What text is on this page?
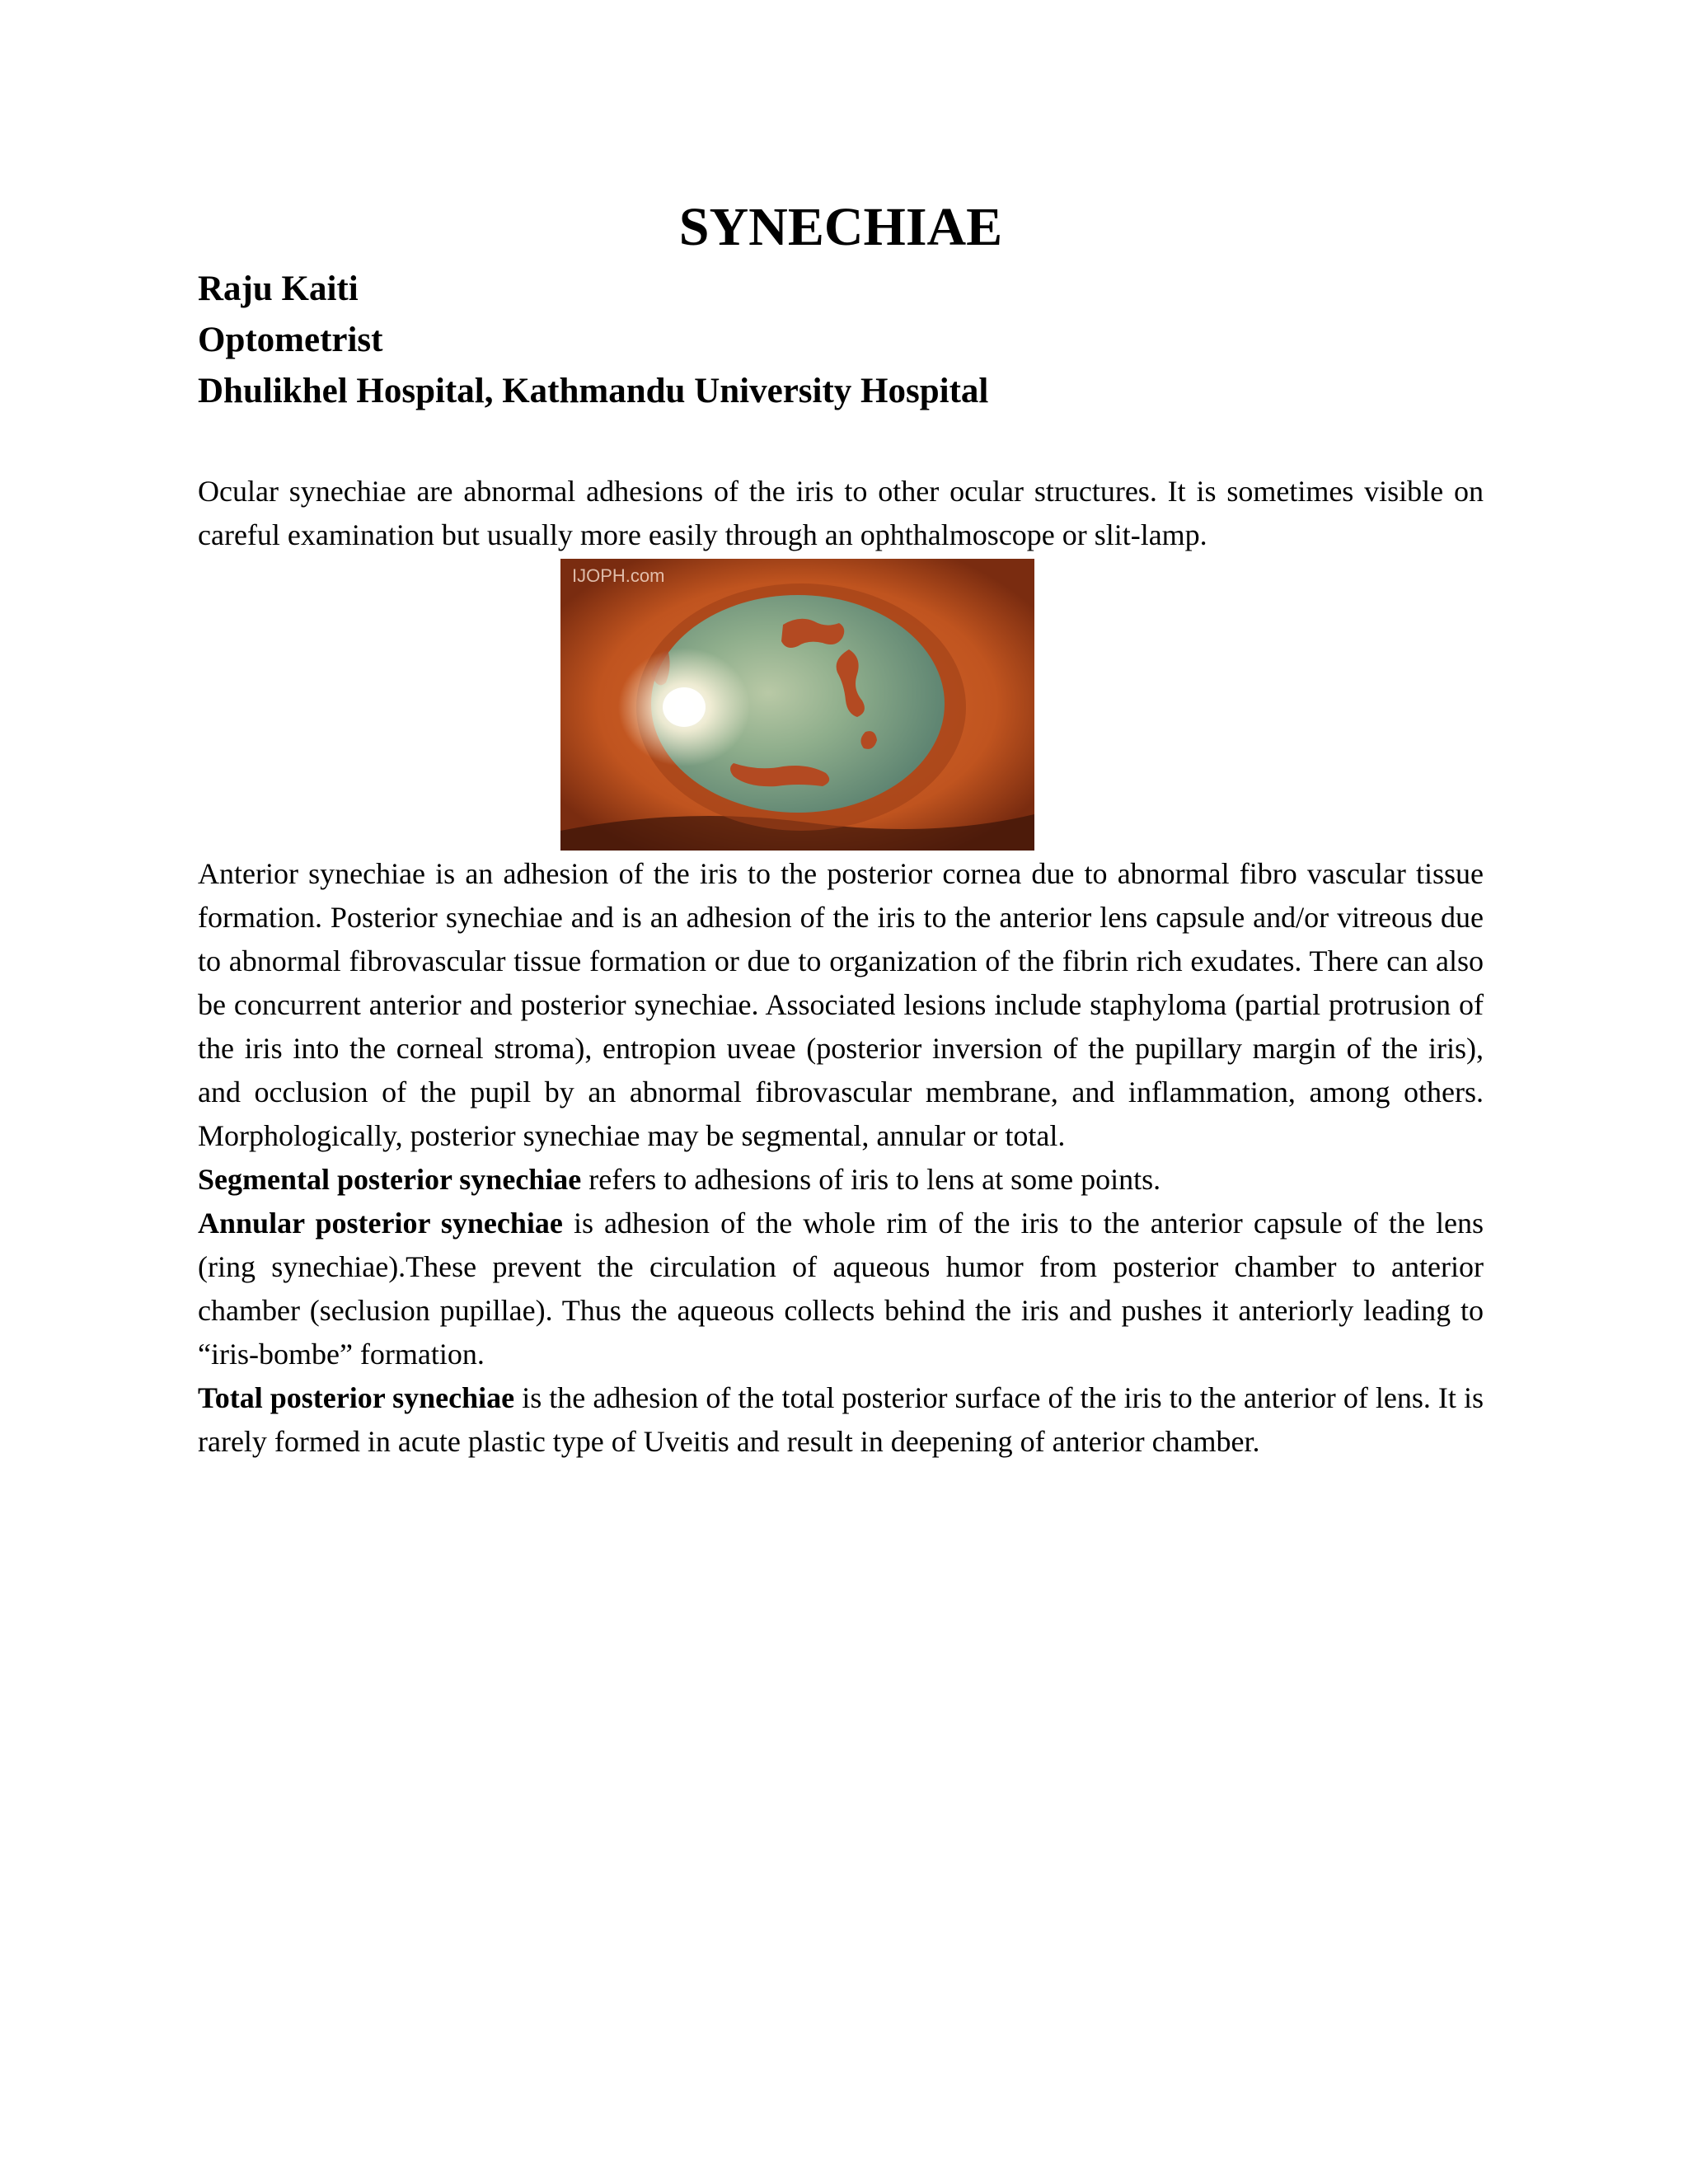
SYNECHIAE
Raju Kaiti
Optometrist
Dhulikhel Hospital, Kathmandu University Hospital

Ocular synechiae are abnormal adhesions of the iris to other ocular structures. It is sometimes visible on careful examination but usually more easily through an ophthalmoscope or slit-lamp.

IJOPH.com

Anterior synechiae is an adhesion of the iris to the posterior cornea due to abnormal fibro vascular tissue formation. Posterior synechiae and is an adhesion of the iris to the anterior lens capsule and/or vitreous due to abnormal fibrovascular tissue formation or due to organization of the fibrin rich exudates. There can also be concurrent anterior and posterior synechiae. Associated lesions include staphyloma (partial protrusion of the iris into the corneal stroma), entropion uveae (posterior inversion of the pupillary margin of the iris), and occlusion of the pupil by an abnormal fibrovascular membrane, and inflammation, among others. Morphologically, posterior synechiae may be segmental, annular or total.

Segmental posterior synechiae refers to adhesions of iris to lens at some points.

Annular posterior synechiae is adhesion of the whole rim of the iris to the anterior capsule of the lens (ring synechiae).These prevent the circulation of aqueous humor from posterior chamber to anterior chamber (seclusion pupillae). Thus the aqueous collects behind the iris and pushes it anteriorly leading to “iris-bombe” formation.

Total posterior synechiae is the adhesion of the total posterior surface of the iris to the anterior of lens. It is rarely formed in acute plastic type of Uveitis and result in deepening of anterior chamber.
